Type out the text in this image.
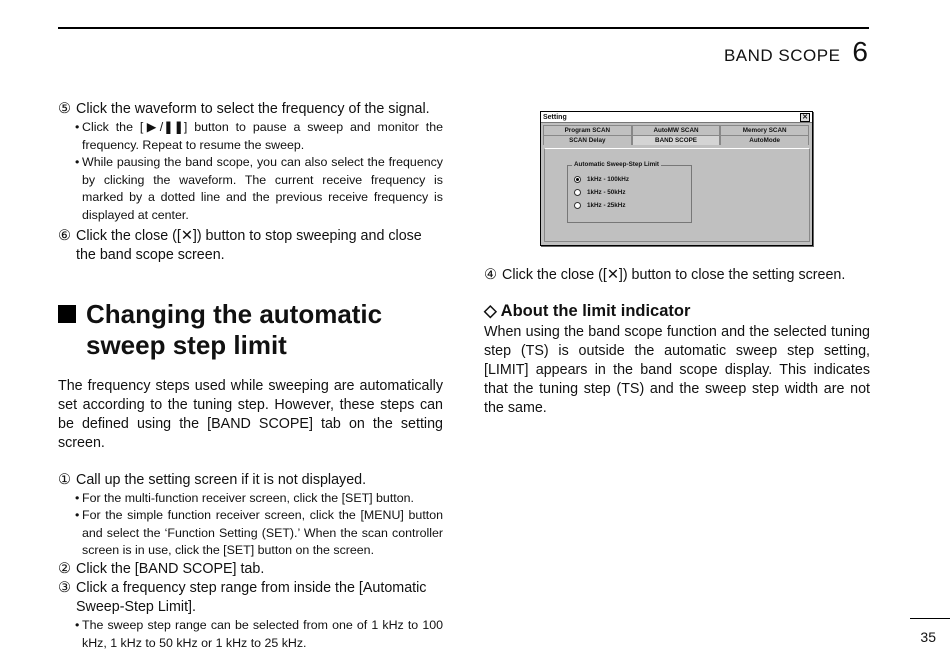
BAND SCOPE 6

⑤ Click the waveform to select the frequency of the signal.

• Click the [▶/❚❚] button to pause a sweep and monitor the frequency. Repeat to resume the sweep.
• While pausing the band scope, you can also select the frequency by clicking the waveform. The current receive frequency is marked by a dotted line and the previous receive frequency is displayed at center.

⑥ Click the close ([✕]) button to stop sweeping and close the band scope screen.

Changing the automatic sweep step limit
The frequency steps used while sweeping are automatically set according to the tuning step. However, these steps can be defined using the [BAND SCOPE] tab on the setting screen.

① Call up the setting screen if it is not displayed.

• For the multi-function receiver screen, click the [SET] button.
• For the simple function receiver screen, click the [MENU] button and select the ‘Function Setting (SET).’ When the scan controller screen is in use, click the [SET] button on the screen.

② Click the [BAND SCOPE] tab.

③ Click a frequency step range from inside the [Automatic Sweep-Step Limit].

• The sweep step range can be selected from one of 1 kHz to 100 kHz, 1 kHz to 50 kHz or 1 kHz to 25 kHz.
Setting	✕
Program SCAN	AutoMW SCAN	Memory SCAN
SCAN Delay	BAND SCOPE	AutoMode
Automatic Sweep-Step Limit
1kHz - 100kHz
1kHz - 50kHz
1kHz - 25kHz

④ Click the close ([✕]) button to close the setting screen.

◇ About the limit indicator
When using the band scope function and the selected tuning step (TS) is outside the automatic sweep step setting, [LIMIT] appears in the band scope display. This indicates that the tuning step (TS) and the sweep step width are not the same.
35
